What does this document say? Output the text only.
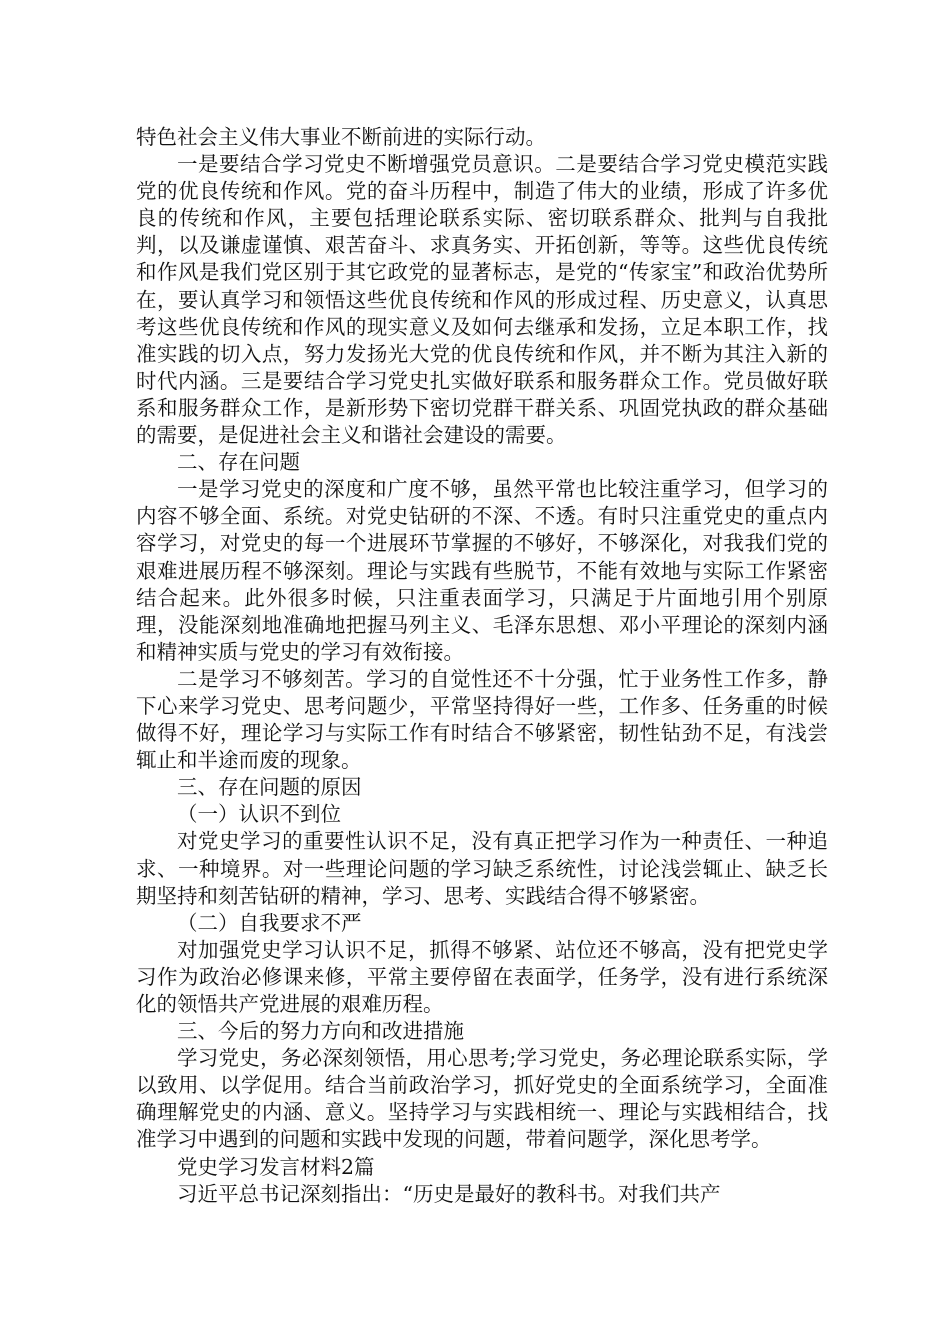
特色社会主义伟大事业不断前进的实际行动。

一是要结合学习党史不断增强党员意识。二是要结合学习党史模范实践党的优良传统和作风。党的奋斗历程中，制造了伟大的业绩，形成了许多优良的传统和作风，主要包括理论联系实际、密切联系群众、批判与自我批判，以及谦虚谨慎、艰苦奋斗、求真务实、开拓创新，等等。这些优良传统和作风是我们党区别于其它政党的显著标志，是党的“传家宝”和政治优势所在，要认真学习和领悟这些优良传统和作风的形成过程、历史意义，认真思考这些优良传统和作风的现实意义及如何去继承和发扬，立足本职工作，找准实践的切入点，努力发扬光大党的优良传统和作风，并不断为其注入新的时代内涵。三是要结合学习党史扎实做好联系和服务群众工作。党员做好联系和服务群众工作，是新形势下密切党群干群关系、巩固党执政的群众基础的需要，是促进社会主义和谐社会建设的需要。

二、存在问题

一是学习党史的深度和广度不够，虽然平常也比较注重学习，但学习的内容不够全面、系统。对党史钻研的不深、不透。有时只注重党史的重点内容学习，对党史的每一个进展环节掌握的不够好，不够深化，对我我们党的艰难进展历程不够深刻。理论与实践有些脱节，不能有效地与实际工作紧密结合起来。此外很多时候，只注重表面学习，只满足于片面地引用个别原理，没能深刻地准确地把握马列主义、毛泽东思想、邓小平理论的深刻内涵和精神实质与党史的学习有效衔接。

二是学习不够刻苦。学习的自觉性还不十分强，忙于业务性工作多，静下心来学习党史、思考问题少，平常坚持得好一些，工作多、任务重的时候做得不好，理论学习与实际工作有时结合不够紧密，韧性钻劲不足，有浅尝辄止和半途而废的现象。

三、存在问题的原因

（一）认识不到位

对党史学习的重要性认识不足，没有真正把学习作为一种责任、一种追求、一种境界。对一些理论问题的学习缺乏系统性，讨论浅尝辄止、缺乏长期坚持和刻苦钻研的精神，学习、思考、实践结合得不够紧密。

（二）自我要求不严

对加强党史学习认识不足，抓得不够紧、站位还不够高，没有把党史学习作为政治必修课来修，平常主要停留在表面学，任务学，没有进行系统深化的领悟共产党进展的艰难历程。

三、今后的努力方向和改进措施

学习党史，务必深刻领悟，用心思考;学习党史，务必理论联系实际，学以致用、以学促用。结合当前政治学习，抓好党史的全面系统学习，全面准确理解党史的内涵、意义。坚持学习与实践相统一、理论与实践相结合，找准学习中遇到的问题和实践中发现的问题，带着问题学，深化思考学。

党史学习发言材料2篇

习近平总书记深刻指出：“历史是最好的教科书。对我们共产
